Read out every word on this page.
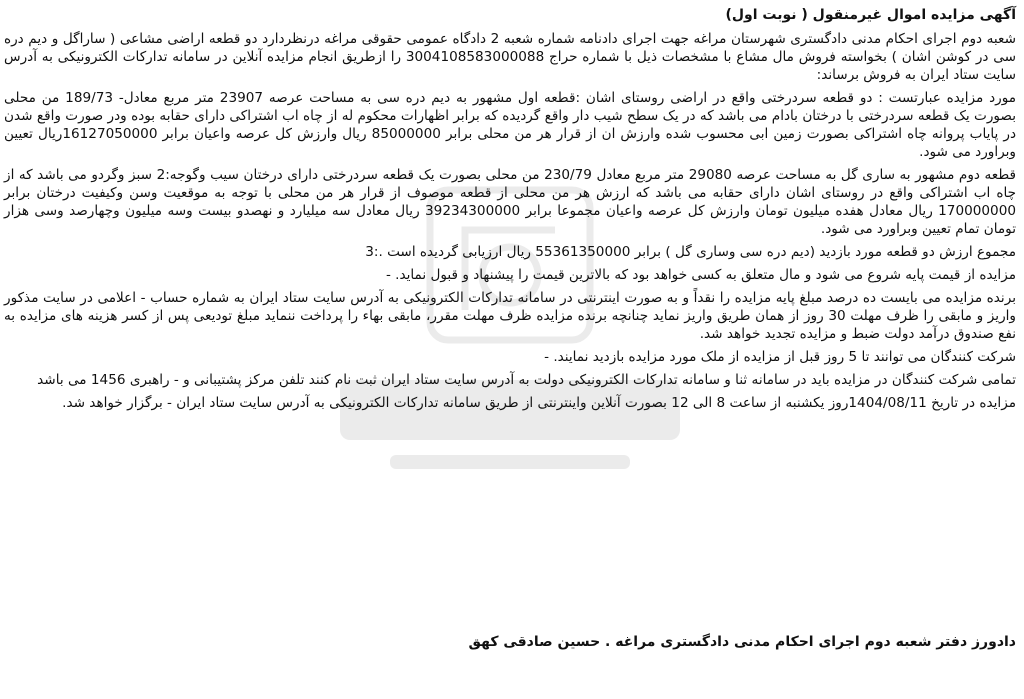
آگهی مزایده اموال غیرمنقول ( نوبت اول)

شعبه دوم اجرای احکام مدنی دادگستری شهرستان مراغه جهت اجرای دادنامه شماره شعبه 2 دادگاه عمومی حقوقی مراغه درنظردارد دو قطعه اراضی مشاعی ( ساراگل و دیم دره سی در کوشن اشان ) بخواسته فروش مال مشاع با مشخصات ذیل با شماره حراج 3004108583000088 را ازطریق انجام مزایده آنلاین در سامانه تدارکات الکترونیکی به آدرس سایت ستاد ایران به فروش برساند:

مورد مزایده عبارتست : دو قطعه سردرختی واقع در اراضی روستای اشان :قطعه اول مشهور به دیم دره سی به مساحت عرصه 23907 متر مربع معادل- 189/73 من محلی بصورت یک قطعه سردرختی با درختان بادام می باشد که در یک سطح شیب دار واقع گردیده که برابر اظهارات محکوم له از چاه اب اشتراکی دارای حقابه بوده ودر صورت واقع شدن در پایاب پروانه چاه اشتراکی بصورت زمین ابی محسوب شده وارزش ان از قرار هر من محلی برابر 85000000 ریال وارزش کل عرصه واعیان برابر 16127050000ریال تعیین وبراورد می شود.

قطعه دوم مشهور به ساری گل به مساحت عرصه 29080 متر مربع معادل 230/79 من محلی بصورت یک قطعه سردرختی دارای درختان سیب وگوجه:2 سبز وگردو می باشد که از چاه اب اشتراکی واقع در روستای اشان دارای حقابه می باشد که ارزش هر من محلی از قطعه موصوف از قرار هر من محلی با توجه به موقعیت وسن وکیفیت درختان برابر 170000000 ریال معادل هفده میلیون تومان وارزش کل عرصه واعیان مجموعا برابر 39234300000 ریال معادل سه میلیارد و نهصدو بیست وسه میلیون وچهارصد وسی هزار تومان تمام تعیین وبراورد می شود.

مجموع ارزش دو قطعه مورد بازدید (دیم دره سی وساری گل ) برابر 55361350000 ریال ارزیابی گردیده است .:3

مزایده از قیمت پایه شروع می شود و مال متعلق به کسی خواهد بود که بالاترین قیمت را پیشنهاد و قبول نماید. -

برنده مزایده می بایست ده درصد مبلغ پایه مزایده را نقداً و به صورت اینترنتی در سامانه تدارکات الکترونیکی به آدرس سایت ستاد ایران به شماره حساب - اعلامی در سایت مذکور واریز و مابقی را ظرف مهلت 30 روز از همان طریق واریز نماید چنانچه برنده مزایده ظرف مهلت مقرر، مابقی بهاء را پرداخت ننماید مبلغ تودیعی پس از کسر هزینه های مزایده به نفع صندوق درآمد دولت ضبط و مزایده تجدید خواهد شد.

شرکت کنندگان می توانند تا 5 روز قبل از مزایده از ملک مورد مزایده بازدید نمایند. -

تمامی شرکت کنندگان در مزایده باید در سامانه ثنا و سامانه تدارکات الکترونیکی دولت به آدرس سایت ستاد ایران ثبت نام کنند تلفن مرکز پشتیبانی و - راهبری 1456 می باشد

مزایده در تاریخ 1404/08/11روز یکشنبه از ساعت 8 الی 12 بصورت آنلاین واینترنتی از طریق سامانه تدارکات الکترونیکی به آدرس سایت ستاد ایران - برگزار خواهد شد.

دادورز دفتر شعبه دوم اجرای احکام مدنی دادگستری مراغه . حسین صادقی کهق
